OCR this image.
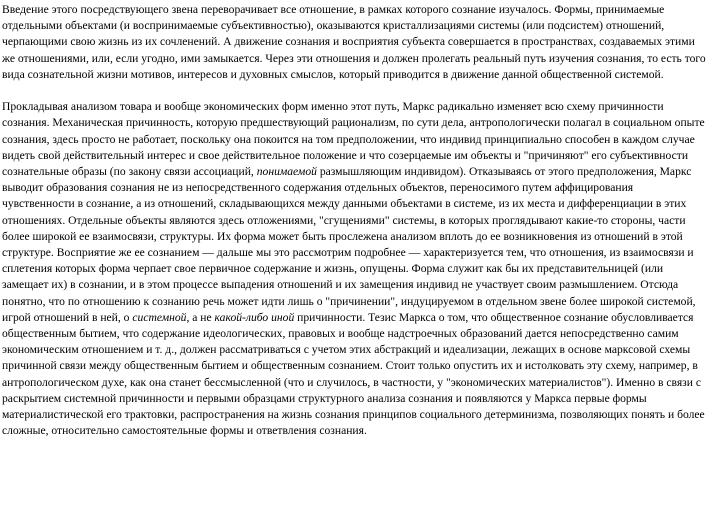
Введение этого посредствующего звена переворачивает все отношение, в рамках которого сознание изучалось. Формы, принимаемые отдельными объектами (и воспринимаемые субъективностью), оказываются кристаллизациями системы (или подсистем) отношений, черпающими свою жизнь из их сочленений. А движение сознания и восприятия субъекта совершается в пространствах, создаваемых этими же отношениями, или, если угодно, ими замыкается. Через эти отношения и должен пролегать реальный путь изучения сознания, то есть того вида сознательной жизни мотивов, интересов и духовных смыслов, который приводится в движение данной общественной системой.

Прокладывая анализом товара и вообще экономических форм именно этот путь, Маркс радикально изменяет всю схему причинности сознания. Механическая причинность, которую предшествующий рационализм, по сути дела, антропологически полагал в социальном опыте сознания, здесь просто не работает, поскольку она покоится на том предположении, что индивид принципиально способен в каждом случае видеть свой действительный интерес и свое действительное положение и что созерцаемые им объекты и "причиняют" его субъективности сознательные образы (по закону связи ассоциаций, понимаемой размышляющим индивидом). Отказываясь от этого предположения, Маркс выводит образования сознания не из непосредственного содержания отдельных объектов, переносимого путем аффицирования чувственности в сознание, а из отношений, складывающихся между данными объектами в системе, из их места и дифференциации в этих отношениях. Отдельные объекты являются здесь отложениями, "сгущениями" системы, в которых проглядывают какие-то стороны, части более широкой ее взаимосвязи, структуры. Их форма может быть прослежена анализом вплоть до ее возникновения из отношений в этой структуре. Восприятие же ее сознанием — дальше мы это рассмотрим подробнее — характеризуется тем, что отношения, из взаимосвязи и сплетения которых форма черпает свое первичное содержание и жизнь, опущены. Форма служит как бы их представительницей (или замещает их) в сознании, и в этом процессе выпадения отношений и их замещения индивид не участвует своим размышлением. Отсюда понятно, что по отношению к сознанию речь может идти лишь о "причинении", индуцируемом в отдельном звене более широкой системой, игрой отношений в ней, о системной, а не какой-либо иной причинности. Тезис Маркса о том, что общественное сознание обусловливается общественным бытием, что содержание идеологических, правовых и вообще надстроечных образований дается непосредственно самим экономическим отношением и т. д., должен рассматриваться с учетом этих абстракций и идеализации, лежащих в основе марксовой схемы причинной связи между общественным бытием и общественным сознанием. Стоит только опустить их и истолковать эту схему, например, в антропологическом духе, как она станет бессмысленной (что и случилось, в частности, у "экономических материалистов"). Именно в связи с раскрытием системной причинности и первыми образцами структурного анализа сознания и появляются у Маркса первые формы материалистической его трактовки, распространения на жизнь сознания принципов социального детерминизма, позволяющих понять и более сложные, относительно самостоятельные формы и ответвления сознания.
